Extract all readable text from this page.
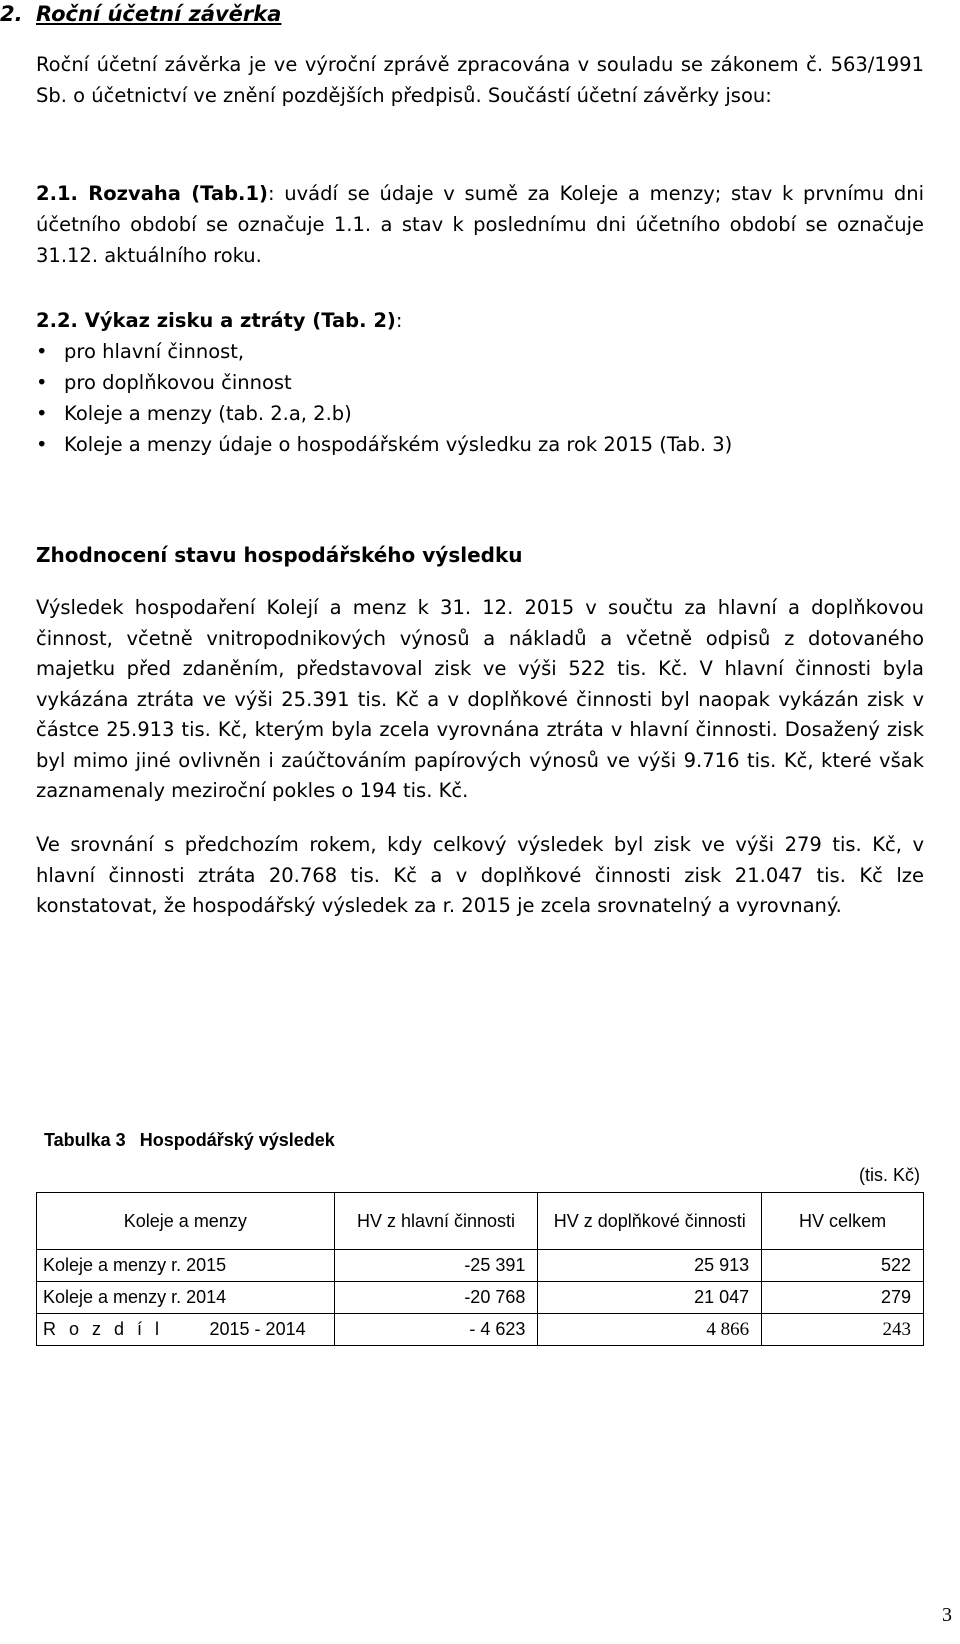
2. Roční účetní závěrka
Roční účetní závěrka je ve výroční zprávě zpracována v souladu se zákonem č. 563/1991 Sb. o účetnictví ve znění pozdějších předpisů. Součástí účetní závěrky jsou:
2.1. Rozvaha (Tab.1): uvádí se údaje v sumě za Koleje a menzy; stav k prvnímu dni účetního období se označuje 1.1. a stav k poslednímu dni účetního období se označuje 31.12. aktuálního roku.
2.2. Výkaz zisku a ztráty (Tab. 2):
• pro hlavní činnost,
• pro doplňkovou činnost
• Koleje a menzy (tab. 2.a, 2.b)
• Koleje a menzy údaje o hospodářském výsledku za rok 2015 (Tab. 3)
Zhodnocení stavu hospodářského výsledku
Výsledek hospodaření Kolejí a menz k 31. 12. 2015 v součtu za hlavní a doplňkovou činnost, včetně vnitropodnikových výnosů a nákladů a včetně odpisů z dotovaného majetku před zdaněním, představoval zisk ve výši 522 tis. Kč. V hlavní činnosti byla vykázána ztráta ve výši 25.391 tis. Kč a v doplňkové činnosti byl naopak vykázán zisk v částce 25.913 tis. Kč, kterým byla zcela vyrovnána ztráta v hlavní činnosti. Dosažený zisk byl mimo jiné ovlivněn i zaúčtováním papírových výnosů ve výši 9.716 tis. Kč, které však zaznamenaly meziroční pokles o 194 tis. Kč.
Ve srovnání s předchozím rokem, kdy celkový výsledek byl zisk ve výši 279 tis. Kč, v hlavní činnosti ztráta 20.768 tis. Kč a v doplňkové činnosti zisk 21.047 tis. Kč lze konstatovat, že hospodářský výsledek za r. 2015 je zcela srovnatelný a vyrovnaný.
Tabulka 3 Hospodářský výsledek
(tis. Kč)
Koleje a menzy	HV z hlavní činnosti	HV z doplňkové činnosti	HV celkem
Koleje a menzy r. 2015	-25 391	25 913	522
Koleje a menzy r. 2014	-20 768	21 047	279
R o z d í l 2015 - 2014	- 4 623	4 866	243
3
